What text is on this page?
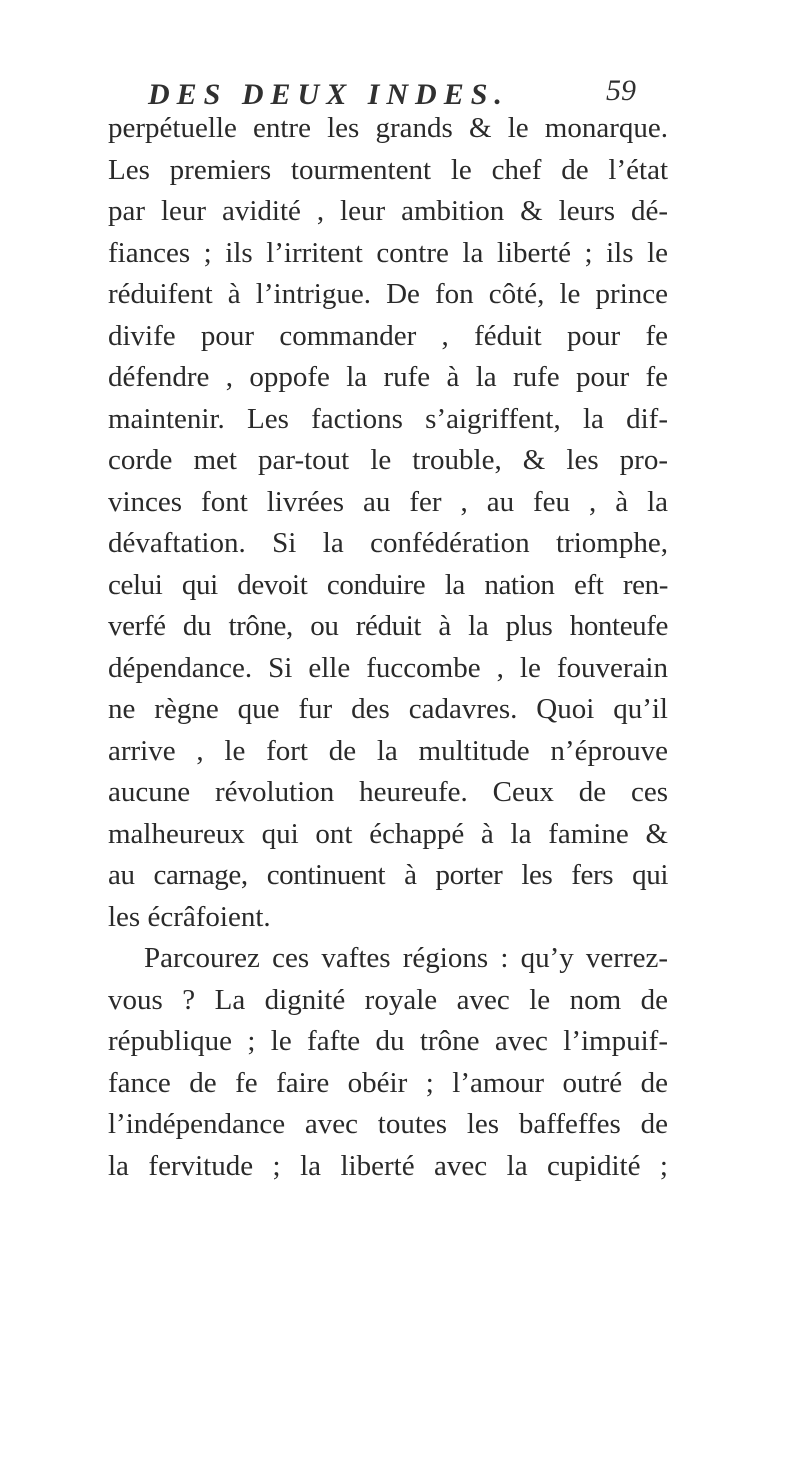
DES DEUX INDES.	59
perpétuelle entre les grands & le monarque.
Les premiers tourmentent le chef de l’état
par leur avidité , leur ambition & leurs dé-
fiances ; ils l’irritent contre la liberté ; ils le
réduifent à l’intrigue. De fon côté, le prince
divife pour commander , féduit pour fe
défendre , oppofe la rufe à la rufe pour fe
maintenir. Les factions s’aigriffent, la dif-
corde met par-tout le trouble, & les pro-
vinces font livrées au fer , au feu , à la
dévaftation. Si la confédération triomphe,
celui qui devoit conduire la nation eft ren-
verfé du trône, ou réduit à la plus honteufe
dépendance. Si elle fuccombe , le fouverain
ne règne que fur des cadavres. Quoi qu’il
arrive , le fort de la multitude n’éprouve
aucune révolution heureufe. Ceux de ces
malheureux qui ont échappé à la famine &
au carnage, continuent à porter les fers qui
les écrâfoient.
Parcourez ces vaftes régions : qu’y verrez-
vous ? La dignité royale avec le nom de
république ; le fafte du trône avec l’impuif-
fance de fe faire obéir ; l’amour outré de
l’indépendance avec toutes les baffeffes de
la fervitude ; la liberté avec la cupidité ;
